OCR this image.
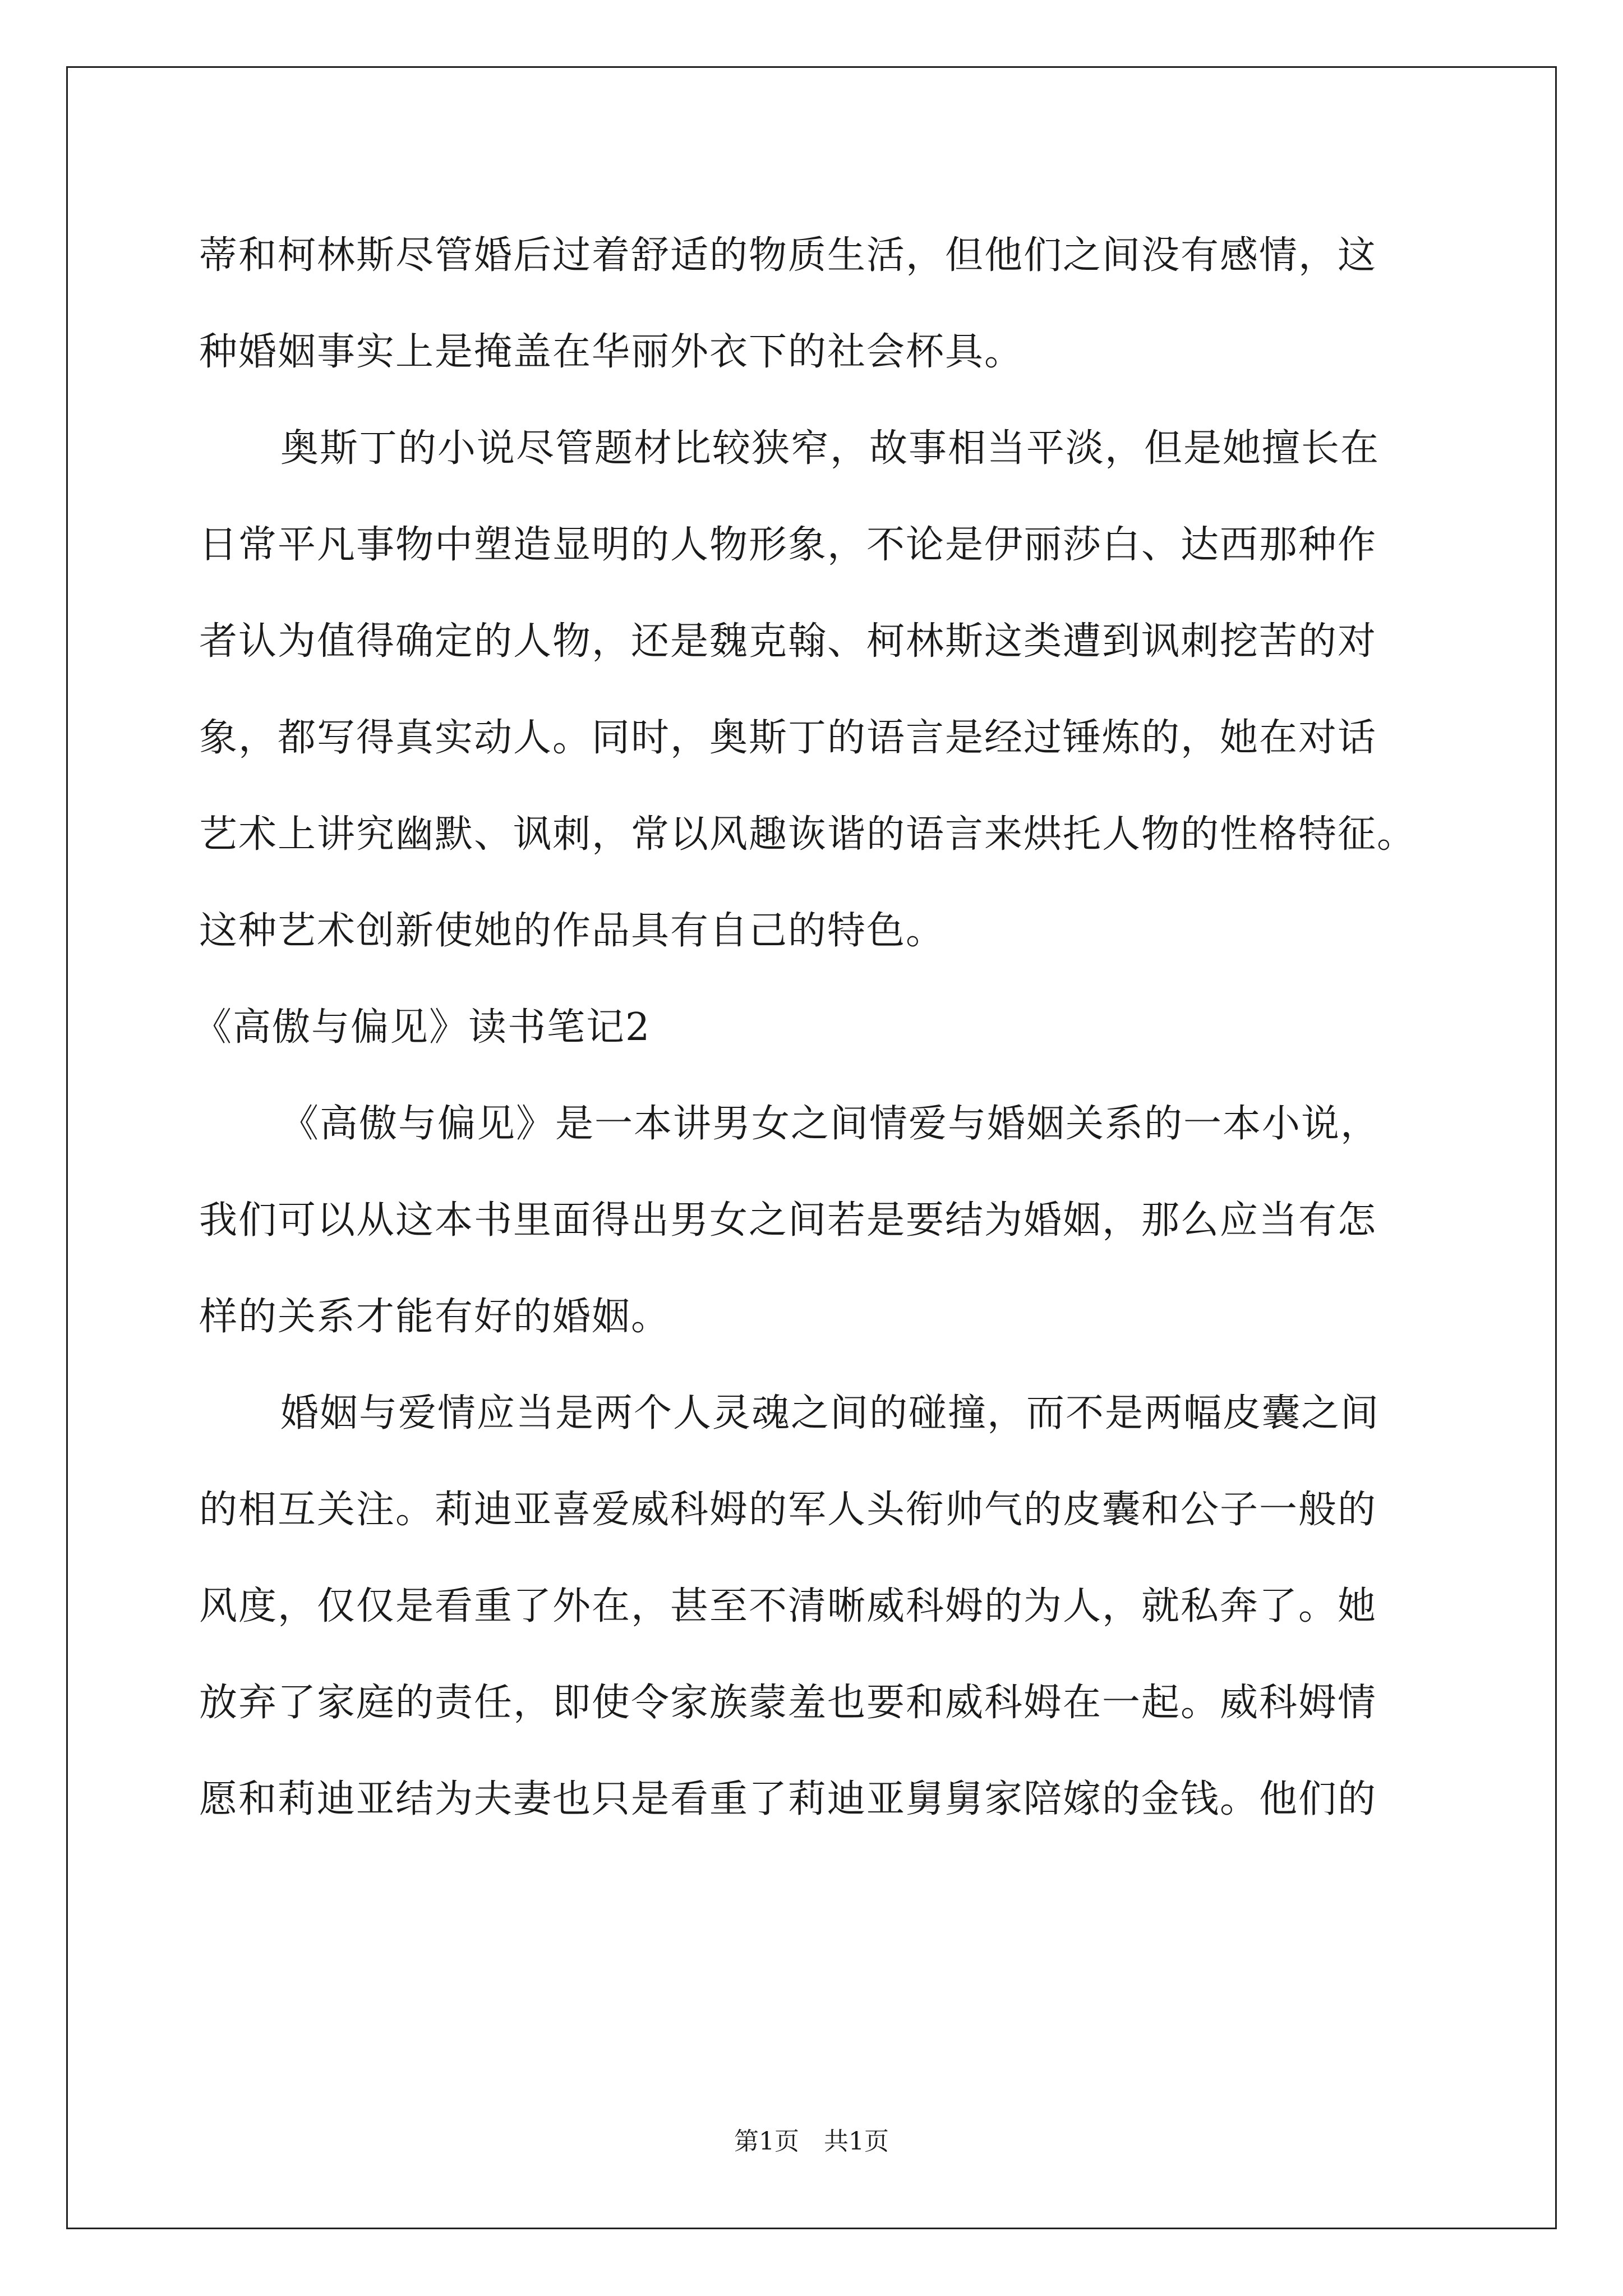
蒂和柯林斯尽管婚后过着舒适的物质生活，但他们之间没有感情，这
种婚姻事实上是掩盖在华丽外衣下的社会杯具。
奥斯丁的小说尽管题材比较狭窄，故事相当平淡，但是她擅长在
日常平凡事物中塑造显明的人物形象，不论是伊丽莎白、达西那种作
者认为值得确定的人物，还是魏克翰、柯林斯这类遭到讽刺挖苦的对
象，都写得真实动人。同时，奥斯丁的语言是经过锤炼的，她在对话
艺术上讲究幽默、讽刺，常以风趣诙谐的语言来烘托人物的性格特征。
这种艺术创新使她的作品具有自己的特色。
《高傲与偏见》读书笔记2
《高傲与偏见》是一本讲男女之间情爱与婚姻关系的一本小说，
我们可以从这本书里面得出男女之间若是要结为婚姻，那么应当有怎
样的关系才能有好的婚姻。
婚姻与爱情应当是两个人灵魂之间的碰撞，而不是两幅皮囊之间
的相互关注。莉迪亚喜爱威科姆的军人头衔帅气的皮囊和公子一般的
风度，仅仅是看重了外在，甚至不清晰威科姆的为人，就私奔了。她
放弃了家庭的责任，即使令家族蒙羞也要和威科姆在一起。威科姆情
愿和莉迪亚结为夫妻也只是看重了莉迪亚舅舅家陪嫁的金钱。他们的
第1页　共1页
